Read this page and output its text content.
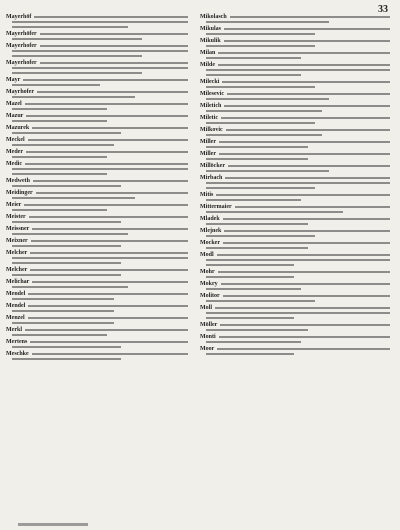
33
Mayerhöf
Mayerhöfer
Mayerhofer
Mayerhofer
Mayr
Mayrhofer
Mazel
Mazur
Mazurek
Meckel
Meder
Medic
Medweth
Meidinger
Meier
Meister
Meissner
Meixner
Melcher
Melcher
Melichar
Mendel
Mendel
Menzel
Merkl
Mertens
Meschke
Mikolasch
Mikulas
Mikulik
Milan
Milde
Milecki
Milesevic
Miletich
Miletic
Milkovic
Miller
Miller
Millöcker
Mirbach
Mitis
Mittermaier
Mladek
Mlejnek
Mocker
Modl
Mohr
Mokry
Molitor
Moll
Möller
Monti
Moor
